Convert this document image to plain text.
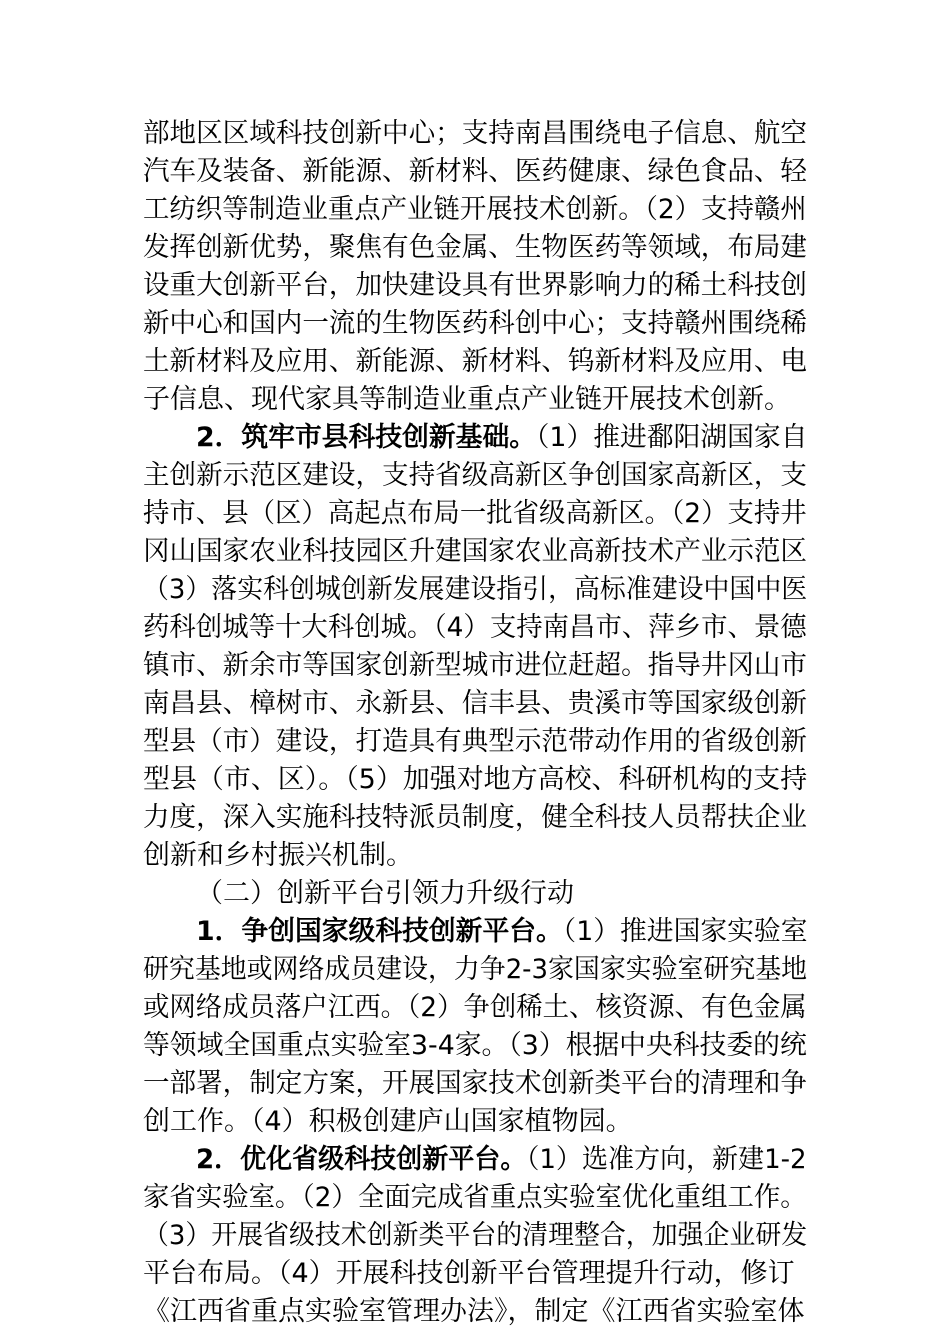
部地区区域科技创新中心；支持南昌围绕电子信息、航空
汽车及装备、新能源、新材料、医药健康、绿色食品、轻
工纺织等制造业重点产业链开展技术创新。（2）支持赣州
发挥创新优势，聚焦有色金属、生物医药等领域，布局建
设重大创新平台，加快建设具有世界影响力的稀土科技创
新中心和国内一流的生物医药科创中心；支持赣州围绕稀
土新材料及应用、新能源、新材料、钨新材料及应用、电
子信息、现代家具等制造业重点产业链开展技术创新。
2．筑牢市县科技创新基础。（1）推进鄱阳湖国家自
主创新示范区建设，支持省级高新区争创国家高新区，支
持市、县（区）高起点布局一批省级高新区。（2）支持井
冈山国家农业科技园区升建国家农业高新技术产业示范区
（3）落实科创城创新发展建设指引，高标准建设中国中医
药科创城等十大科创城。（4）支持南昌市、萍乡市、景德
镇市、新余市等国家创新型城市进位赶超。指导井冈山市
南昌县、樟树市、永新县、信丰县、贵溪市等国家级创新
型县（市）建设，打造具有典型示范带动作用的省级创新
型县（市、区）。（5）加强对地方高校、科研机构的支持
力度，深入实施科技特派员制度，健全科技人员帮扶企业
创新和乡村振兴机制。
（二）创新平台引领力升级行动
1．争创国家级科技创新平台。（1）推进国家实验室
研究基地或网络成员建设，力争2-3家国家实验室研究基地
或网络成员落户江西。（2）争创稀土、核资源、有色金属
等领域全国重点实验室3-4家。（3）根据中央科技委的统
一部署，制定方案，开展国家技术创新类平台的清理和争
创工作。（4）积极创建庐山国家植物园。
2．优化省级科技创新平台。（1）选准方向，新建1-2
家省实验室。（2）全面完成省重点实验室优化重组工作。
（3）开展省级技术创新类平台的清理整合，加强企业研发
平台布局。（4）开展科技创新平台管理提升行动，修订
《江西省重点实验室管理办法》，制定《江西省实验室体
